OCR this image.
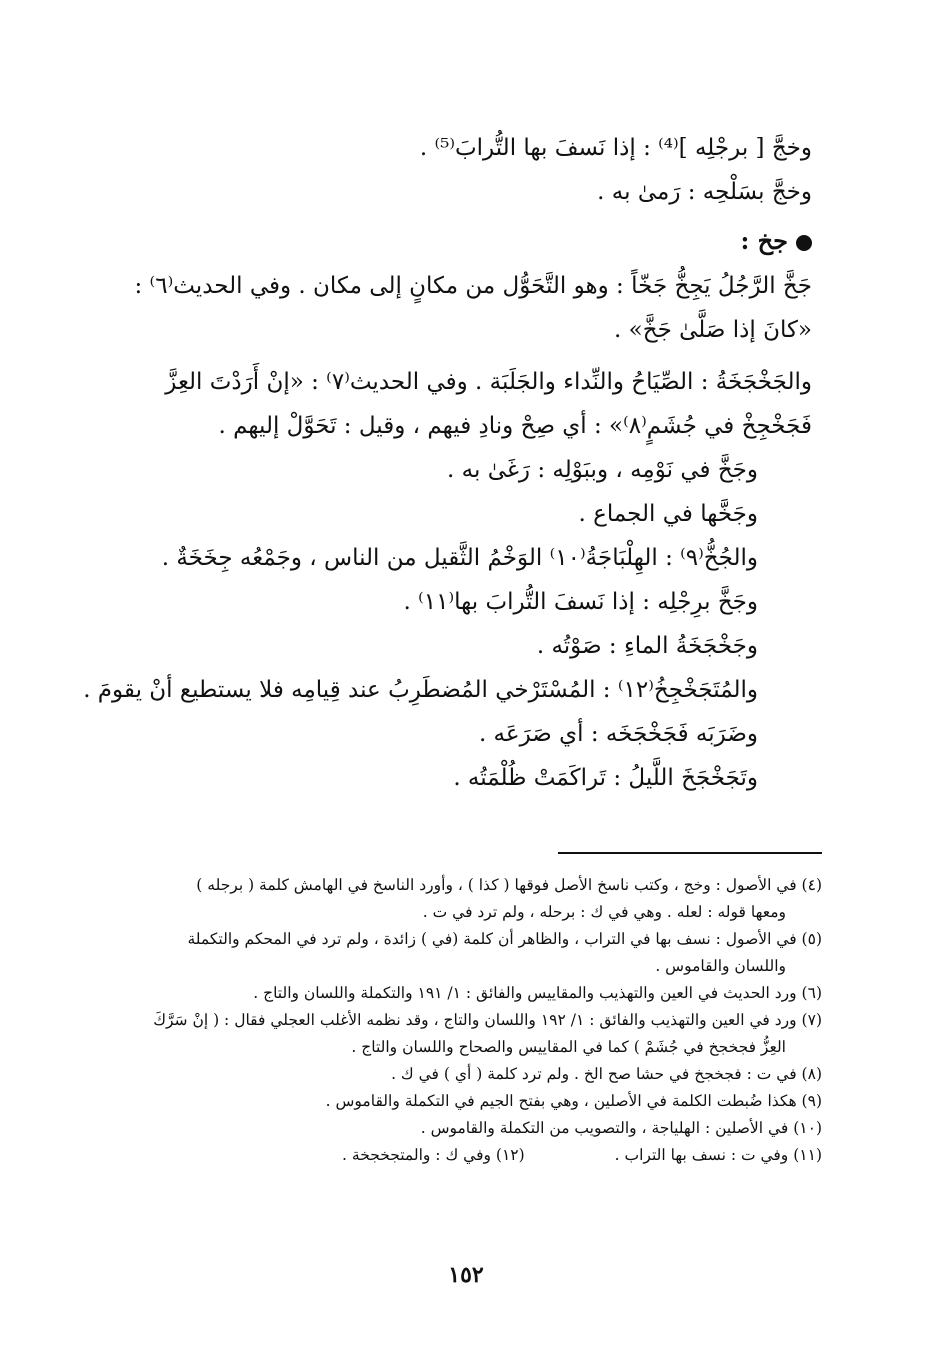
وخجَّ [ برجْلِه ]⁽⁴⁾ : إذا نَسفَ بها التُّرابَ⁽⁵⁾ .
وخجَّ بسَلْحِه : رَمىٰ به .
جخ :
جَخَّ الرَّجُلُ يَجِخُّ جَخّاً : وهو التَّحَوُّل من مكانٍ إلى مكان . وفي الحديث⁽٦⁾ :
«كانَ إذا صَلَّىٰ جَخَّ» .
والجَخْجَخَةُ : الصِّيَاحُ والنِّداء والجَلَبَة . وفي الحديث⁽٧⁾ : «إنْ أَرَدْتَ العِزَّ
فَجَخْجِخْ في جُشَمٍ⁽٨⁾» : أي صِحْ ونادِ فيهم ، وقيل : تَحَوَّلْ إليهم .
وجَخَّ في نَوْمِه ، وببَوْلِه : رَغَىٰ به .
وجَخَّها في الجماع .
والجُخُّ⁽٩⁾ : الهِلْبَاجَةُ⁽١٠⁾ الوَخْمُ الثَّقيل من الناس ، وجَمْعُه جِخَخَةٌ .
وجَخَّ برِجْلِه : إذا نَسفَ التُّرابَ بها⁽١١⁾ .
وجَخْجَخَةُ الماءِ : صَوْتُه .
والمُتَجَخْجِخُ⁽١٢⁾ : المُسْتَرْخي المُضطَرِبُ عند قِيامِه فلا يستطيع أنْ يقومَ .
وضَرَبَه فَجَخْجَخَه : أي صَرَعَه .
وتَجَخْجَخَ اللَّيلُ : تَراكَمَتْ ظُلْمَتُه .
(٤) في الأصول : وخج ، وكتب ناسخ الأصل فوقها ( كذا ) ، وأورد الناسخ في الهامش كلمة ( برجله )
ومعها قوله : لعله . وهي في ك : برحله ، ولم ترد في ت .
(٥) في الأصول : نسف بها في التراب ، والظاهر أن كلمة (في ) زائدة ، ولم ترد في المحكم والتكملة
واللسان والقاموس .
(٦) ورد الحديث في العين والتهذيب والمقاييس والفائق : ١/ ١٩١ والتكملة واللسان والتاج .
(٧) ورد في العين والتهذيب والفائق : ١/ ١٩٢ واللسان والتاج ، وقد نظمه الأغلب العجلي فقال : ( إنْ سَرَّكَ
العِزُّ فجخجخ في جُشَمْ ) كما في المقاييس والصحاح واللسان والتاج .
(٨) في ت : فجخجخ في حشا صح الخ . ولم ترد كلمة ( أي ) في ك .
(٩) هكذا ضُبطت الكلمة في الأصلين ، وهي بفتح الجيم في التكملة والقاموس .
(١٠) في الأصلين : الهلياجة ، والتصويب من التكملة والقاموس .
(١١) وفي ت : نسف بها التراب .(١٢) وفي ك : والمتجخجخة .
١٥٢
